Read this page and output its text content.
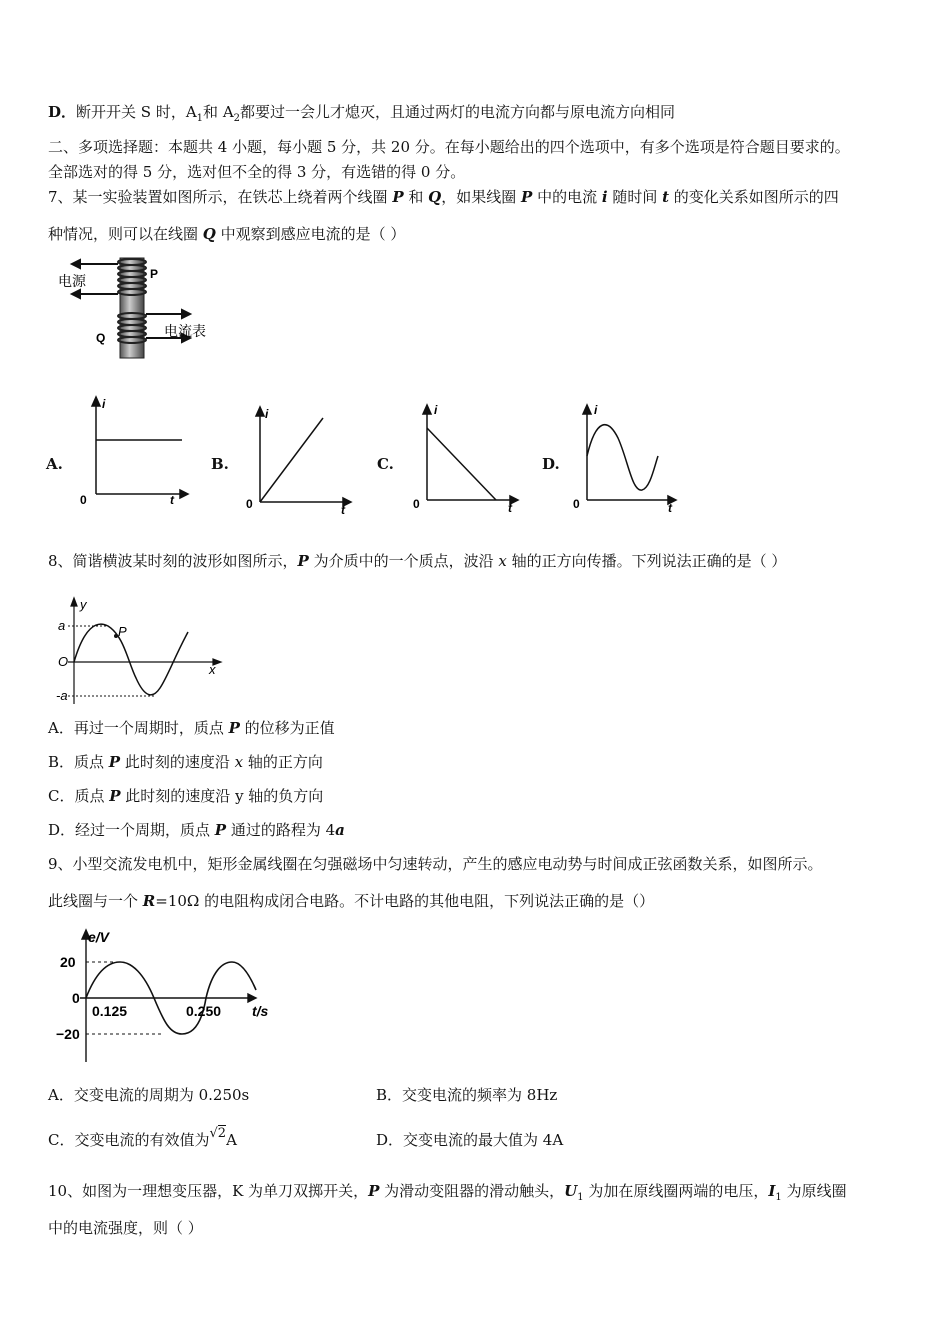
D．断开开关 S 时，$A_1$和 $A_2$都要过一会儿才熄灭，且通过两灯的电流方向都与原电流方向相同
二、多项选择题：本题共 4 小题，每小题 5 分，共 20 分。在每小题给出的四个选项中，有多个选项是符合题目要求的。
全部选对的得 5 分，选对但不全的得 3 分，有选错的得 0 分。
7、某一实验装置如图所示，在铁芯上绕着两个线圈 P 和 Q，如果线圈 P 中的电流 i 随时间 t 的变化关系如图所示的四
种情况，则可以在线圈 Q 中观察到感应电流的是（ ）
电源	P
电流表
Q
A.
i
0	t
B.
i
0	t
C.
i
0	t
D.
i
0	t
8、简谐横波某时刻的波形如图所示，P 为介质中的一个质点，波沿 x 轴的正方向传播。下列说法正确的是（ ）
y
a
O
-a
x
P
A．再过一个周期时，质点 P 的位移为正值
B．质点 P 此时刻的速度沿 x 轴的正方向
C．质点 P 此时刻的速度沿 y 轴的负方向
D．经过一个周期，质点 P 通过的路程为 4a
9、小型交流发电机中，矩形金属线圈在匀强磁场中匀速转动，产生的感应电动势与时间成正弦函数关系，如图所示。
此线圈与一个 R=10Ω 的电阻构成闭合电路。不计电路的其他电阻，下列说法正确的是（）
e/V
20
0
−20
0.125	0.250 t/s
A．交变电流的周期为 0.250s	B．交变电流的频率为 8Hz
C．交变电流的有效值为√2A	D．交变电流的最大值为 4A
10、如图为一理想变压器，K 为单刀双掷开关，P 为滑动变阻器的滑动触头，$U_1$ 为加在原线圈两端的电压，$I_1$ 为原线圈
中的电流强度，则（ ）
